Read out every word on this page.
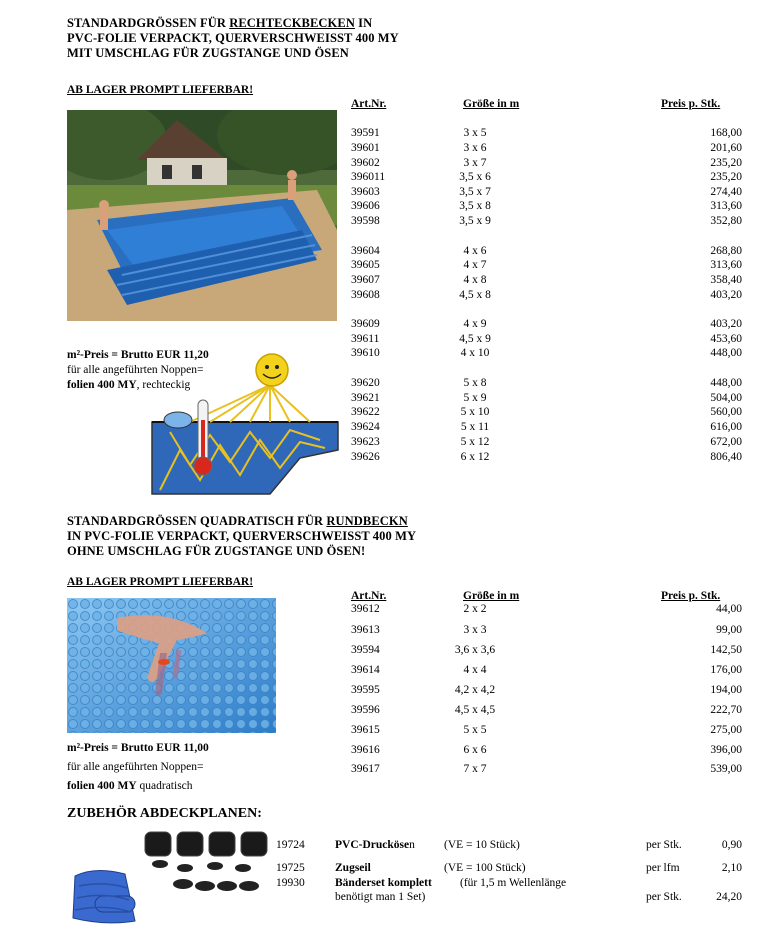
STANDARDGRÖSSEN FÜR RECHTECKBECKEN IN
PVC-FOLIE VERPACKT, QUERVERSCHWEISST 400 MY
MIT UMSCHLAG FÜR ZUGSTANGE UND ÖSEN
AB LAGER PROMPT LIEFERBAR!
Art.Nr.	Größe in m	Preis p. Stk.
39591	3 x 5	168,00
39601	3 x 6	201,60
39602	3 x 7	235,20
396011	3,5 x 6	235,20
39603	3,5 x 7	274,40
39606	3,5 x 8	313,60
39598	3,5 x 9	352,80
39604	4 x 6	268,80
39605	4 x 7	313,60
39607	4 x 8	358,40
39608	4,5 x 8	403,20
39609	4 x 9	403,20
39611	4,5 x 9	453,60
39610	4 x 10	448,00
39620	5 x 8	448,00
39621	5 x 9	504,00
39622	5 x 10	560,00
39624	5 x 11	616,00
39623	5 x 12	672,00
39626	6 x 12	806,40
m²-Preis = Brutto EUR 11,20
für alle angeführten Noppen=
folien 400 MY, rechteckig
STANDARDGRÖSSEN QUADRATISCH FÜR RUNDBECKN
IN PVC-FOLIE VERPACKT, QUERVERSCHWEISST 400 MY
OHNE UMSCHLAG FÜR ZUGSTANGE UND ÖSEN!
AB LAGER PROMPT LIEFERBAR!
Art.Nr.	Größe in m	Preis p. Stk.
39612	2 x 2	44,00
39613	3 x 3	99,00
39594	3,6 x 3,6	142,50
39614	4 x 4	176,00
39595	4,2 x 4,2	194,00
39596	4,5 x 4,5	222,70
39615	5 x 5	275,00
39616	6 x 6	396,00
39617	7 x 7	539,00
m²-Preis = Brutto EUR 11,00
für alle angeführten Noppen=
folien 400 MY quadratisch
ZUBEHÖR ABDECKPLANEN:
19724	PVC-Druckösen	(VE = 10 Stück)	per Stk.	0,90
19725	Zugseil	(VE = 100 Stück)	per lfm	2,10
19930	Bänderset komplett (für 1,5 m Wellenlänge
benötigt man 1 Set)	per Stk.	24,20
